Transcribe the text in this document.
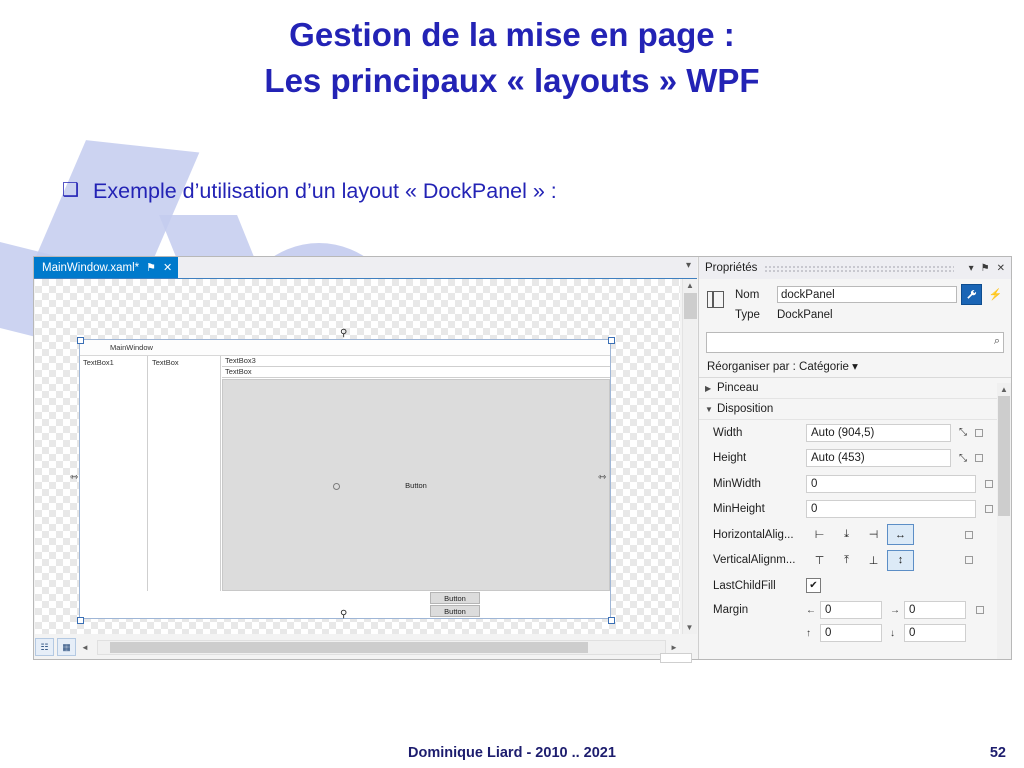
Gestion de la mise en page :
Les principaux « layouts » WPF
❑ Exemple d’utilisation d’un layout « DockPanel » :
MainWindow.xaml* ⚑ ✕	▾
MainWindow
TextBox1	TextBox	TextBox3
TextBox
Button
Button
Button
⚲
⚲
⇿	⇿
▲
▼
☷	▦	◄	►
Propriétés	▾ ⚑ ✕
Nom	dockPanel	⚡
Type	DockPanel
⌕
Réorganiser par : Catégorie ▾
▶ Pinceau
▼ Disposition
Width	Auto (904,5)	⤡
Height	Auto (453)	⤡
MinWidth	0
MinHeight	0
HorizontalAlig...	⊢	⤓	⊣	↔
VerticalAlignm...	⊤	⤒	⊥	↕
LastChildFill	✔
Margin	← 0	→ 0
↑	0	↓	0
▲
Dominique Liard - 2010 .. 2021	52
